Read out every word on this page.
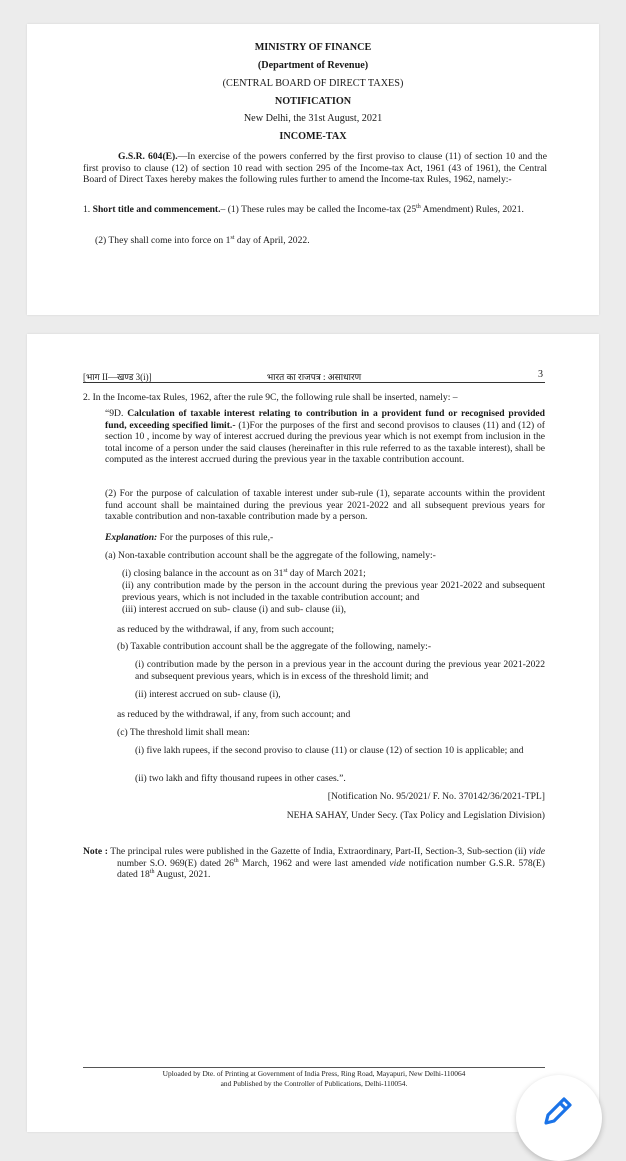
MINISTRY OF FINANCE

(Department of Revenue)

(CENTRAL BOARD OF DIRECT TAXES)

NOTIFICATION

New Delhi, the 31st August, 2021

INCOME-TAX

G.S.R. 604(E).—In exercise of the powers conferred by the first proviso to clause (11) of section 10 and the first proviso to clause (12) of section 10 read with section 295 of the Income-tax Act, 1961 (43 of 1961), the Central Board of Direct Taxes hereby makes the following rules further to amend the Income-tax Rules, 1962, namely:-

1. Short title and commencement.– (1) These rules may be called the Income-tax (25th Amendment) Rules, 2021.

(2) They shall come into force on 1st day of April, 2022.

[भाग II—खण्ड 3(i)]	भारत का राजपत्र : असाधारण	3

2. In the Income-tax Rules, 1962, after the rule 9C, the following rule shall be inserted, namely: –

“9D. Calculation of taxable interest relating to contribution in a provident fund or recognised provided fund, exceeding specified limit.- (1)For the purposes of the first and second provisos to clauses (11) and (12) of section 10 , income by way of interest accrued during the previous year which is not exempt from inclusion in the total income of a person under the said clauses (hereinafter in this rule referred to as the taxable interest), shall be computed as the interest accrued during the previous year in the taxable contribution account.

(2) For the purpose of calculation of taxable interest under sub-rule (1), separate accounts within the provident fund account shall be maintained during the previous year 2021-2022 and all subsequent previous years for taxable contribution and non-taxable contribution made by a person.

Explanation: For the purposes of this rule,-

(a) Non-taxable contribution account shall be the aggregate of the following, namely:-

(i) closing balance in the account as on 31st day of March 2021;

(ii) any contribution made by the person in the account during the previous year 2021-2022 and subsequent previous years, which is not included in the taxable contribution account; and

(iii) interest accrued on sub- clause (i) and sub- clause (ii),

as reduced by the withdrawal, if any, from such account;

(b) Taxable contribution account shall be the aggregate of the following, namely:-

(i) contribution made by the person in a previous year in the account during the previous year 2021-2022 and subsequent previous years, which is in excess of the threshold limit; and

(ii) interest accrued on sub- clause (i),

as reduced by the withdrawal, if any, from such account; and

(c) The threshold limit shall mean:

(i) five lakh rupees, if the second proviso to clause (11) or clause (12) of section 10 is applicable; and

(ii) two lakh and fifty thousand rupees in other cases.”.

[Notification No. 95/2021/ F. No. 370142/36/2021-TPL]

NEHA SAHAY, Under Secy. (Tax Policy and Legislation Division)

Note : The principal rules were published in the Gazette of India, Extraordinary, Part-II, Section-3, Sub-section (ii) vide number S.O. 969(E) dated 26th March, 1962 and were last amended vide notification number G.S.R. 578(E) dated 18th August, 2021.

Uploaded by Dte. of Printing at Government of India Press, Ring Road, Mayapuri, New Delhi-110064
and Published by the Controller of Publications, Delhi-110054.
